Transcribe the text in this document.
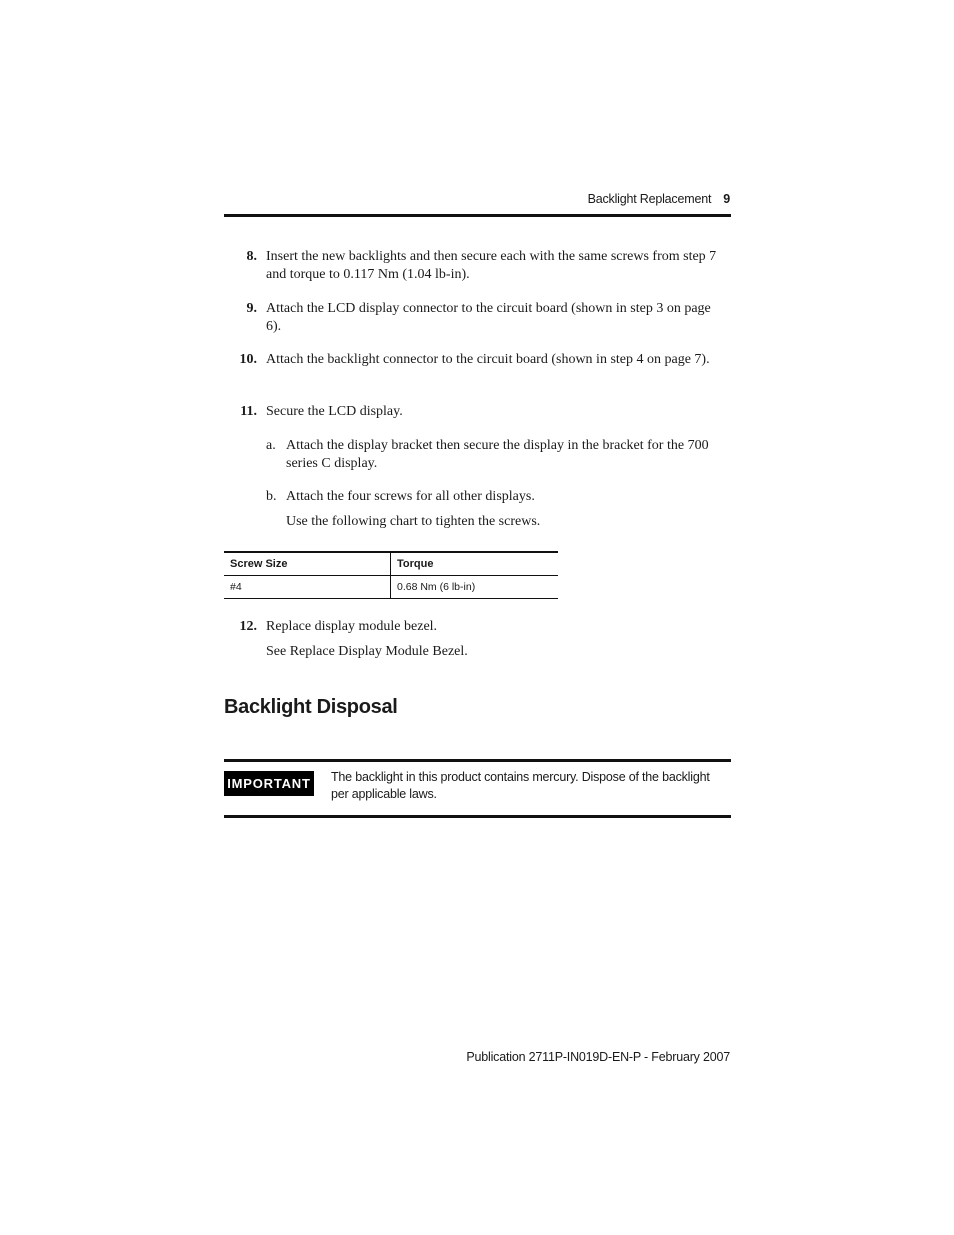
Backlight Replacement 9
8. Insert the new backlights and then secure each with the same screws from step 7 and torque to 0.117 Nm (1.04 lb-in).
9. Attach the LCD display connector to the circuit board (shown in step 3 on page 6).
10. Attach the backlight connector to the circuit board (shown in step 4 on page 7).
11. Secure the LCD display.
a. Attach the display bracket then secure the display in the bracket for the 700 series C display.
b. Attach the four screws for all other displays.
Use the following chart to tighten the screws.
Screw Size	Torque
#4	0.68 Nm (6 lb-in)
12. Replace display module bezel.
See Replace Display Module Bezel.
Backlight Disposal
IMPORTANT The backlight in this product contains mercury. Dispose of the backlight per applicable laws.
Publication 2711P-IN019D-EN-P - February 2007
